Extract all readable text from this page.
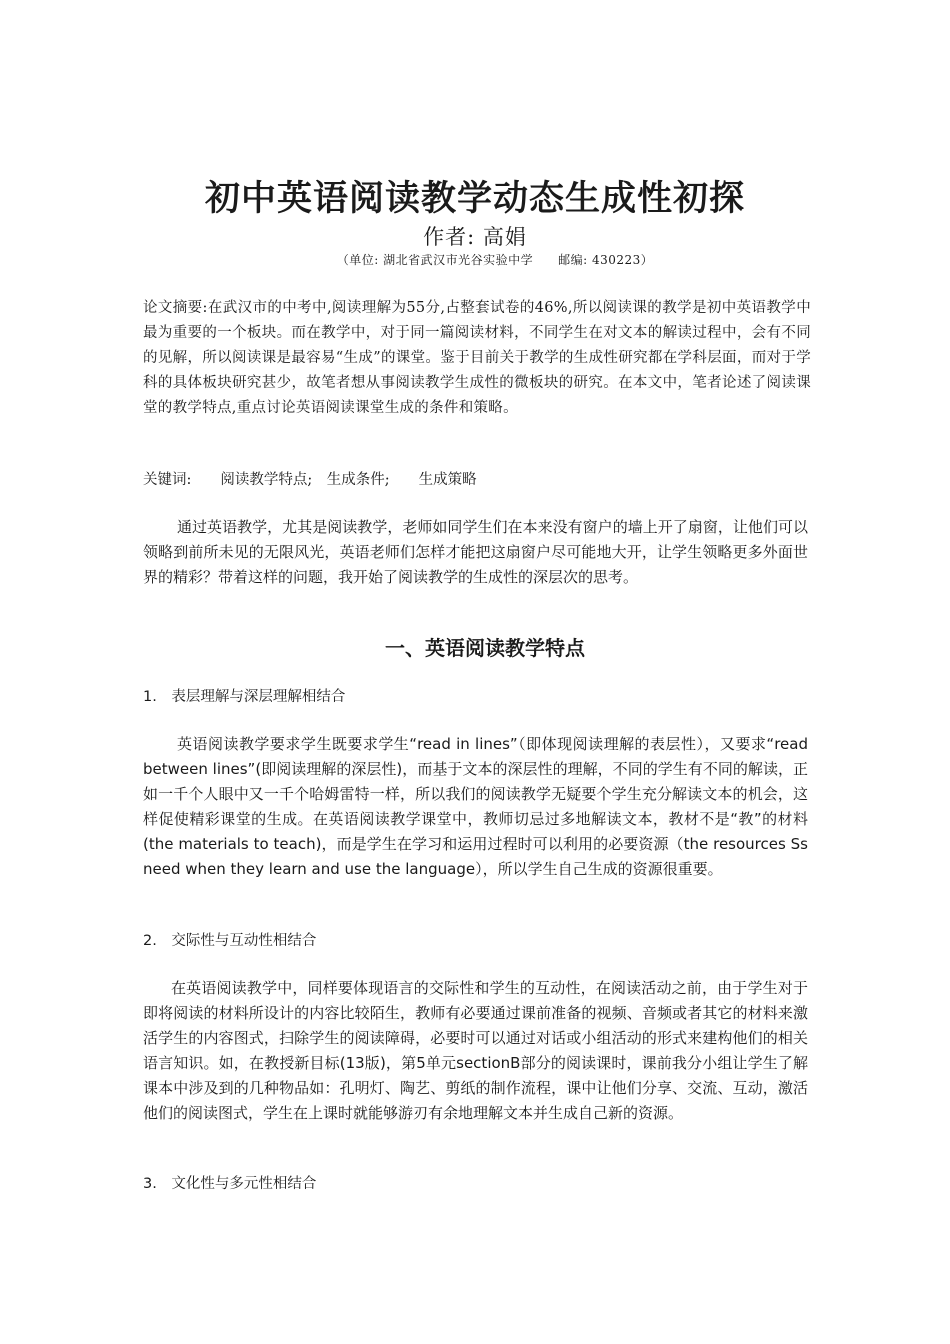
初中英语阅读教学动态生成性初探
作者: 高娟
（单位: 湖北省武汉市光谷实验中学　　邮编: 430223）
论文摘要:在武汉市的中考中,阅读理解为55分,占整套试卷的46%,所以阅读课的教学是初中英语教学中最为重要的一个板块。而在教学中，对于同一篇阅读材料，不同学生在对文本的解读过程中，会有不同的见解，所以阅读课是最容易“生成”的课堂。鉴于目前关于教学的生成性研究都在学科层面，而对于学科的具体板块研究甚少，故笔者想从事阅读教学生成性的微板块的研究。在本文中，笔者论述了阅读课堂的教学特点,重点讨论英语阅读课堂生成的条件和策略。
关键词:　　阅读教学特点;　生成条件;　　生成策略
通过英语教学，尤其是阅读教学，老师如同学生们在本来没有窗户的墙上开了扇窗，让他们可以领略到前所未见的无限风光，英语老师们怎样才能把这扇窗户尽可能地大开，让学生领略更多外面世界的精彩？带着这样的问题，我开始了阅读教学的生成性的深层次的思考。
一、英语阅读教学特点
1.　表层理解与深层理解相结合
英语阅读教学要求学生既要求学生“read in lines”（即体现阅读理解的表层性），又要求“read between lines”(即阅读理解的深层性)，而基于文本的深层性的理解，不同的学生有不同的解读，正如一千个人眼中又一千个哈姆雷特一样，所以我们的阅读教学无疑要个学生充分解读文本的机会，这样促使精彩课堂的生成。在英语阅读教学课堂中，教师切忌过多地解读文本，教材不是“教”的材料(the materials to teach)，而是学生在学习和运用过程时可以利用的必要资源（the resources Ss need when they learn and use the language），所以学生自己生成的资源很重要。
2.　交际性与互动性相结合
在英语阅读教学中，同样要体现语言的交际性和学生的互动性，在阅读活动之前，由于学生对于即将阅读的材料所设计的内容比较陌生，教师有必要通过课前准备的视频、音频或者其它的材料来激活学生的内容图式，扫除学生的阅读障碍，必要时可以通过对话或小组活动的形式来建构他们的相关语言知识。如，在教授新目标(13版)，第5单元sectionB部分的阅读课时，课前我分小组让学生了解课本中涉及到的几种物品如：孔明灯、陶艺、剪纸的制作流程，课中让他们分享、交流、互动，激活他们的阅读图式，学生在上课时就能够游刃有余地理解文本并生成自己新的资源。
3.　文化性与多元性相结合
